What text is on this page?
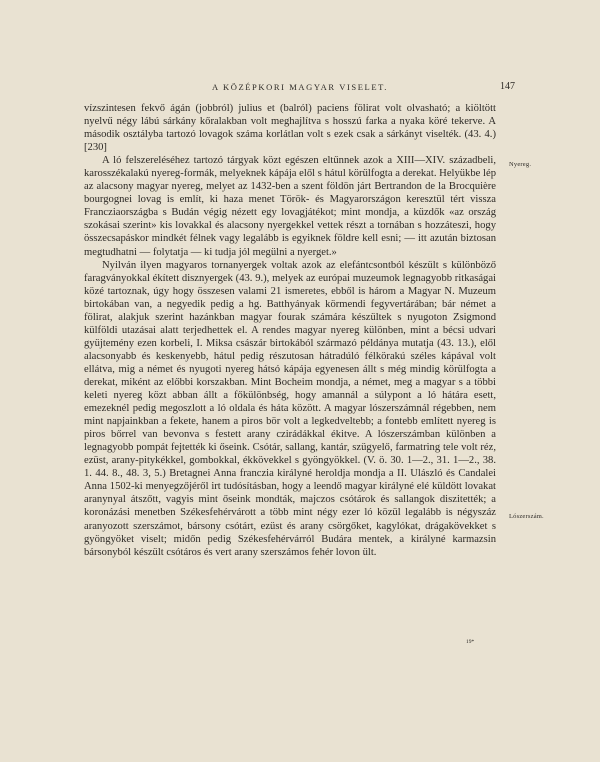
A KÖZÉPKORI MAGYAR VISELET.	147

vízszintesen fekvő ágán (jobbról) julius et (balról) paciens fölirat volt olvasható; a kiöltött nyelvű négy lábú sárkány kőralakban volt meghajlítva s hosszú farka a nyaka köré tekerve. A második osztályba tartozó lovagok száma korlátlan volt s ezek csak a sárkányt viselték. (43. 4.)[230]

A ló felszereléséhez tartozó tárgyak közt egészen eltűnnek azok a XIII—XIV. századbeli, karosszékalakú nyereg-formák, melyeknek kápája elől s hátul körülfogta a derekat. Helyükbe lép az alacsony magyar nyereg, melyet az 1432-ben a szent földön járt Bertrandon de la Brocquière bourgognei lovag is említ, ki haza menet Török- és Magyarországon keresztül tért vissza Francziaországba s Budán végig nézett egy lovagjátékot; mint mondja, a küzdők «az ország szokásai szerint» kis lovakkal és alacsony nyergekkel vettek részt a tornában s hozzáteszi, hogy összecsapáskor mindkét félnek vagy legalább is egyiknek földre kell esni; — itt azután biztosan megtudhatni — folytatja — ki tudja jól megülni a nyerget.»

Nyilván ilyen magyaros tornanyergek voltak azok az elefántcsontból készült s különböző faragványokkal ékített disznyergek (43. 9.), melyek az európai muzeumok legnagyobb ritkaságai közé tartoznak, úgy hogy összesen valami 21 ismeretes, ebből is három a Magyar N. Muzeum birtokában van, a negyedik pedig a hg. Batthyányak körmendi fegyvertárában; bár német a fölirat, alakjuk szerint hazánkban magyar fourak számára készültek s nyugoton Zsigmond külföldi utazásai alatt terjedhettek el. A rendes magyar nyereg különben, mint a bécsi udvari gyüjtemény ezen korbeli, I. Miksa császár birtokából származó példánya mutatja (43. 13.), elől alacsonyabb és keskenyebb, hátul pedig részutosan hátradúló félkörakú széles kápával volt ellátva, mig a német és nyugoti nyereg hátsó kápája egyenesen állt s még mindig körülfogta a derekat, miként az előbbi korszakban. Mint Bocheim mondja, a német, meg a magyar s a többi keleti nyereg közt abban állt a főkülönbség, hogy amannál a súlypont a ló hátára esett, emezeknél pedig megoszlott a ló oldala és háta között. A magyar lószerszámnál régebben, nem mint napjainkban a fekete, hanem a piros bör volt a legkedveltebb; a fontebb említett nyereg is piros bőrrel van bevonva s festett arany czirádákkal ékitve. A lószerszámban különben a legnagyobb pompát fejtették ki őseink. Csótár, sallang, kantár, szügyelő, farmatring tele volt réz, ezüst, arany-pitykékkel, gombokkal, ékkövekkel s gyöngyökkel. (V. ö. 30. 1—2., 31. 1—2., 38. 1. 44. 8., 48. 3, 5.) Bretagnei Anna franczia királyné heroldja mondja a II. Ulászló és Candalei Anna 1502-ki menyegzőjéről irt tudósításban, hogy a leendő magyar királyné elé küldött lovakat aranynyal átszőtt, vagyis mint őseink mondták, majczos csótárok és sallangok diszitették; a koronázási menetben Székesfehérvárott a több mint négy ezer ló közül legalább is négyszáz aranyozott szerszámot, bársony csótárt, ezüst és arany csörgőket, kagylókat, drágakövekket s gyöngyöket viselt; midőn pedig Székesfehérvárról Budára mentek, a királyné karmazsin bársonyból készült csótáros és vert arany szerszámos fehér lovon ült.

Nyereg.
Lószerszám.
19*
